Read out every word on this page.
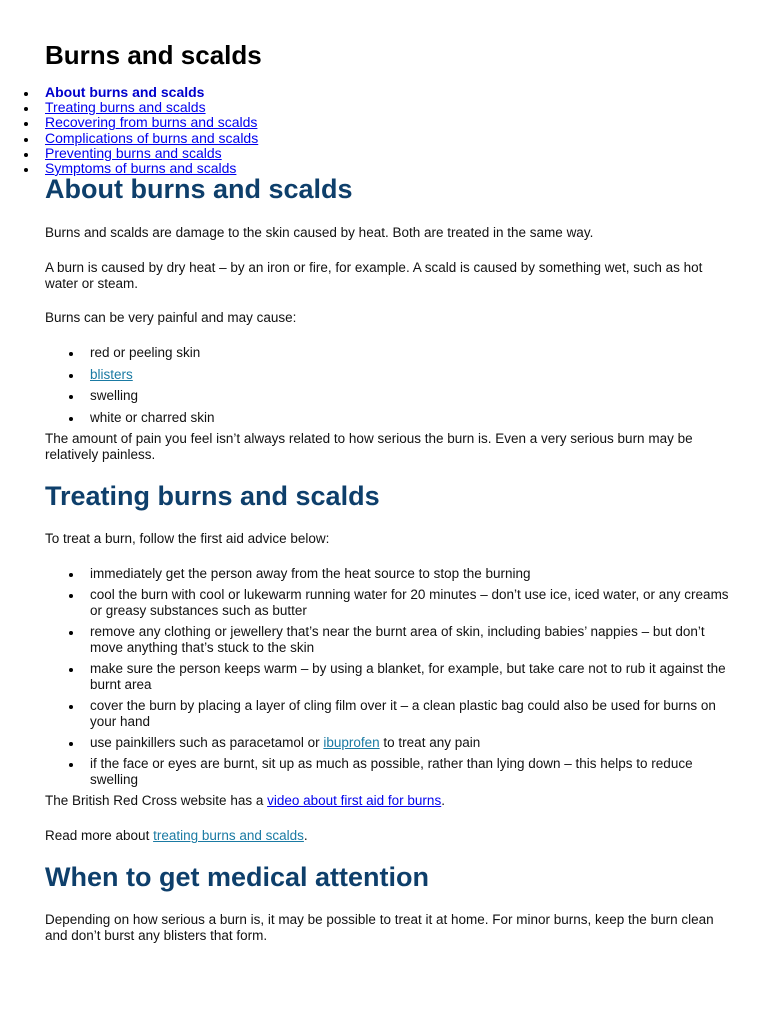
Burns and scalds
About burns and scalds
Treating burns and scalds
Recovering from burns and scalds
Complications of burns and scalds
Preventing burns and scalds
Symptoms of burns and scalds
About burns and scalds

Burns and scalds are damage to the skin caused by heat. Both are treated in the same way.

A burn is caused by dry heat – by an iron or fire, for example. A scald is caused by something wet, such as hot water or steam.

Burns can be very painful and may cause:

red or peeling skin
blisters
swelling
white or charred skin

The amount of pain you feel isn’t always related to how serious the burn is. Even a very serious burn may be relatively painless.

Treating burns and scalds

To treat a burn, follow the first aid advice below:

immediately get the person away from the heat source to stop the burning
cool the burn with cool or lukewarm running water for 20 minutes – don’t use ice, iced water, or any creams or greasy substances such as butter
remove any clothing or jewellery that’s near the burnt area of skin, including babies’ nappies – but don’t move anything that’s stuck to the skin
make sure the person keeps warm – by using a blanket, for example, but take care not to rub it against the burnt area
cover the burn by placing a layer of cling film over it – a clean plastic bag could also be used for burns on your hand
use painkillers such as paracetamol or ibuprofen to treat any pain
if the face or eyes are burnt, sit up as much as possible, rather than lying down – this helps to reduce swelling

The British Red Cross website has a video about first aid for burns.

Read more about treating burns and scalds.

When to get medical attention

Depending on how serious a burn is, it may be possible to treat it at home. For minor burns, keep the burn clean and don’t burst any blisters that form.
